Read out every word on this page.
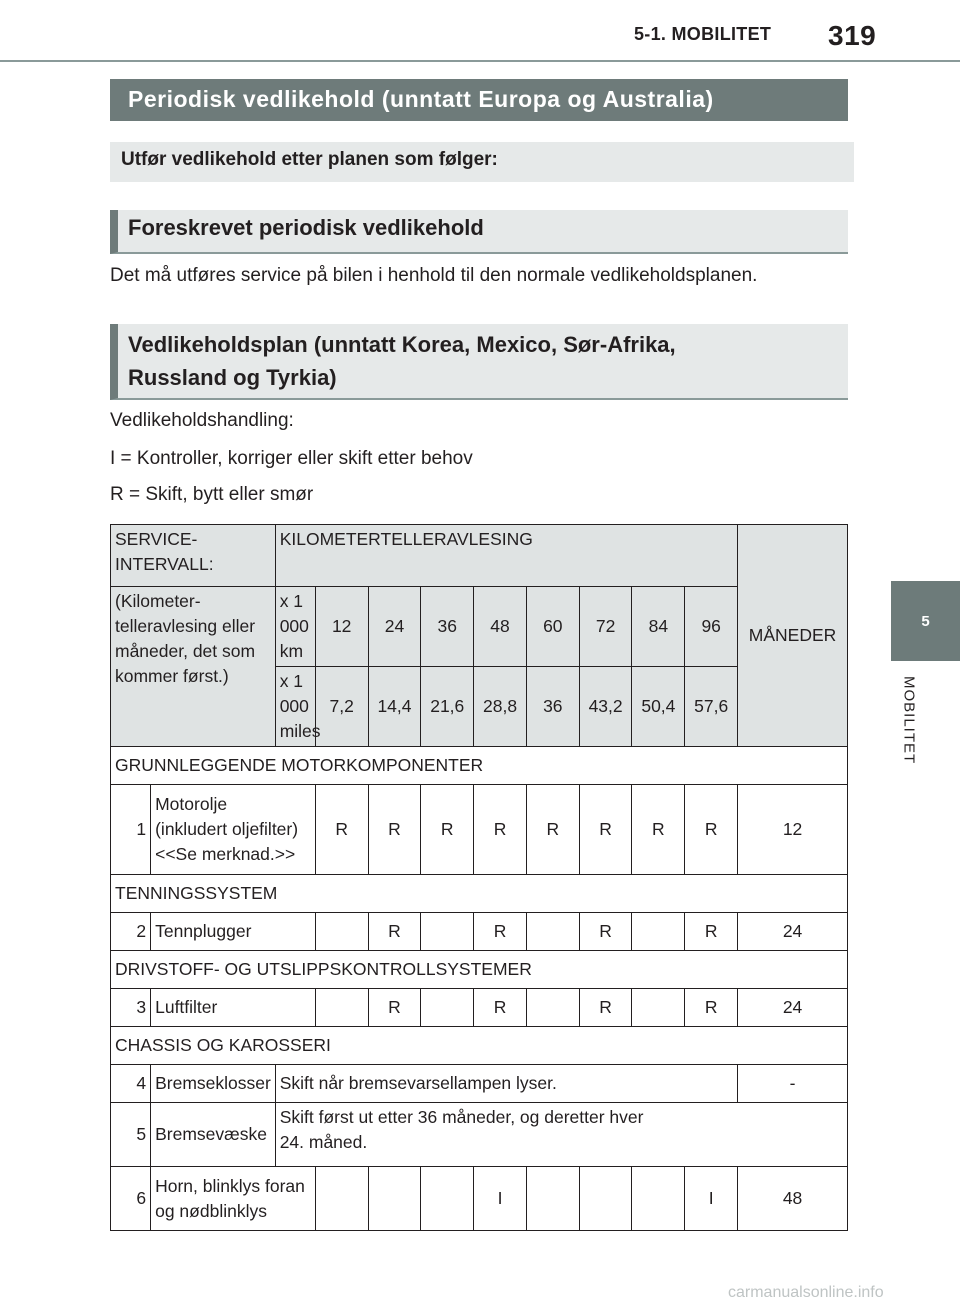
5-1. MOBILITET 319
5
MOBILITET
Periodisk vedlikehold (unntatt Europa og Australia)
Utfør vedlikehold etter planen som følger:
Foreskrevet periodisk vedlikehold
Det må utføres service på bilen i henhold til den normale vedlikeholdsplanen.
Vedlikeholdsplan (unntatt Korea, Mexico, Sør-Afrika,
Russland og Tyrkia)
Vedlikeholdshandling:
I = Kontroller, korriger eller skift etter behov
R = Skift, bytt eller smør
SERVICE-INTERVALL:		KILOMETERTELLERAVLESING									MÅNEDER
(Kilometer-telleravlesing eller måneder, det som kommer først.)		x 1 000 km	12	24	36	48	60	72	84	96	
		x 1 000 miles	7,2	14,4	21,6	28,8	36	43,2	50,4	57,6	
GRUNNLEGGENDE MOTORKOMPONENTER											
1	Motorolje
(inkludert oljefilter)
<<Se merknad.>>		R	R	R	R	R	R	R	R	12
TENNINGSSYSTEM											
2	Tennplugger			R		R		R		R	24
DRIVSTOFF- OG UTSLIPPSKONTROLLSYSTEMER											
3	Luftfilter			R		R		R		R	24
CHASSIS OG KAROSSERI											
4	Bremseklosser	Skift når bremsevarsellampen lyser.									-
5	Bremsevæske	Skift først ut etter 36 måneder, og deretter hver
24. måned.									

6	Horn, blinklys foran
og nødblinklys					I				I	48
carmanualsonline.info
